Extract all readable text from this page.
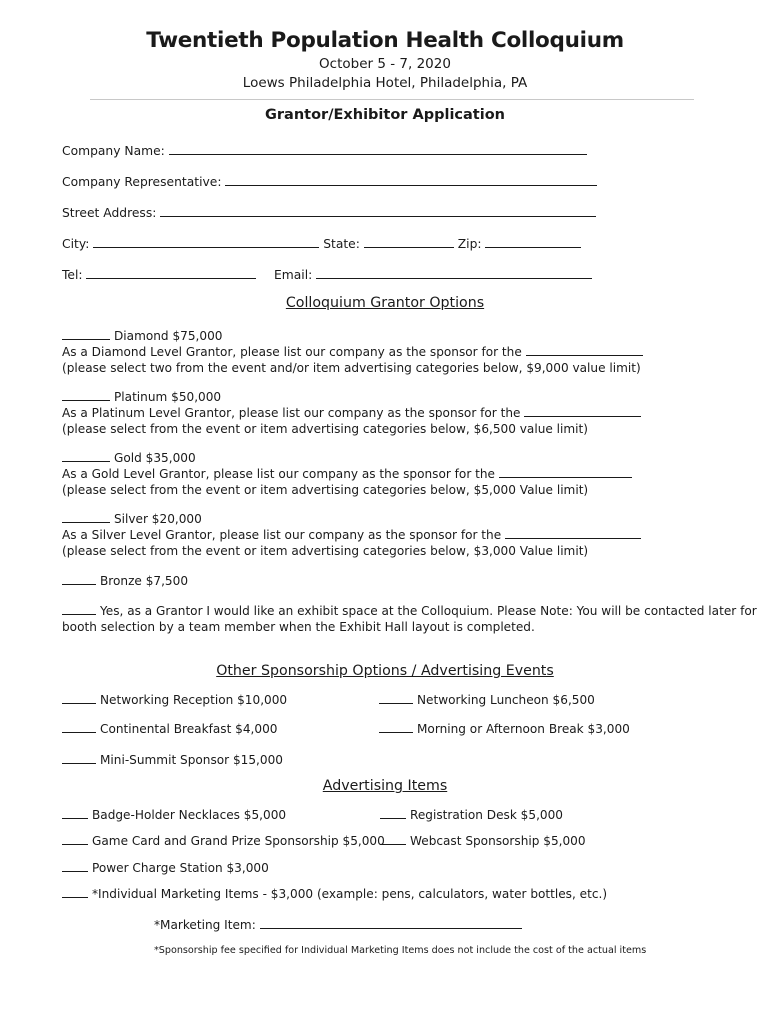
Twentieth Population Health Colloquium
October 5 - 7, 2020
Loews Philadelphia Hotel, Philadelphia, PA
Grantor/Exhibitor Application
Company Name:
Company Representative:
Street Address:
City:	State:	Zip:
Tel:	Email:
Colloquium Grantor Options
Diamond $75,000
As a Diamond Level Grantor, please list our company as the sponsor for the
(please select two from the event and/or item advertising categories below, $9,000 value limit)
Platinum $50,000
As a Platinum Level Grantor, please list our company as the sponsor for the
(please select from the event or item advertising categories below, $6,500 value limit)
Gold $35,000
As a Gold Level Grantor, please list our company as the sponsor for the
(please select from the event or item advertising categories below, $5,000 Value limit)
Silver $20,000
As a Silver Level Grantor, please list our company as the sponsor for the
(please select from the event or item advertising categories below, $3,000 Value limit)
Bronze $7,500
Yes, as a Grantor I would like an exhibit space at the Colloquium. Please Note: You will be contacted later for
booth selection by a team member when the Exhibit Hall layout is completed.
Other Sponsorship Options / Advertising Events
Networking Reception $10,000	Networking Luncheon $6,500
Continental Breakfast $4,000	Morning or Afternoon Break $3,000
Mini-Summit Sponsor $15,000
Advertising Items
Badge-Holder Necklaces $5,000	Registration Desk $5,000
Game Card and Grand Prize Sponsorship $5,000	Webcast Sponsorship $5,000
Power Charge Station $3,000
*Individual Marketing Items - $3,000 (example: pens, calculators, water bottles, etc.)
*Marketing Item:
*Sponsorship fee specified for Individual Marketing Items does not include the cost of the actual items
